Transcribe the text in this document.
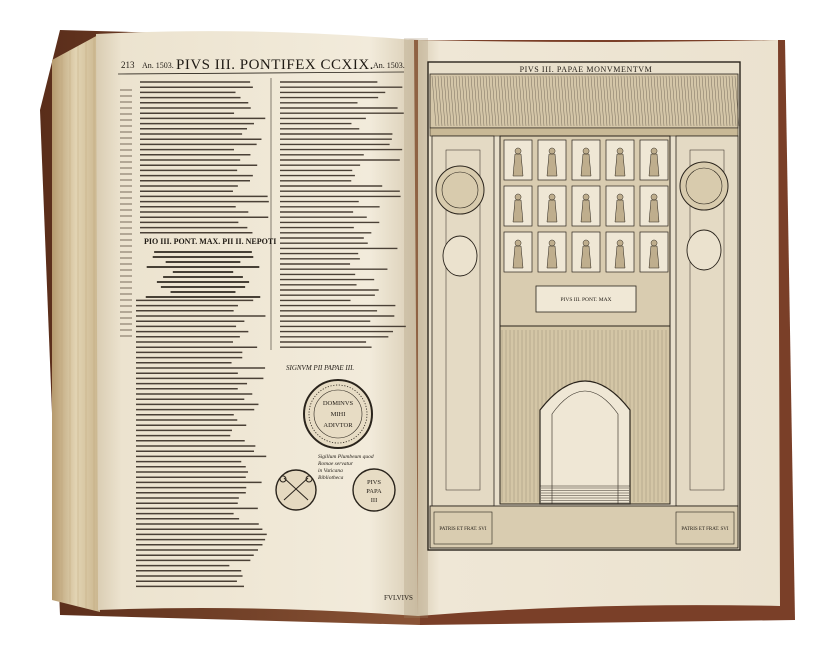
213 An. 1503. PIVS III. PONTIFEX CCXIX. An. 1503.
PIO III. PONT. MAX. PII II. NEPOTI
SIGNVM PII PAPAE III.
DOMINVS
MIHI
ADIVTOR
PIVS
PAPA
III
Sigillum Plumbeum quod
Romae servatur
in Vaticana
Bibliotheca
PIVS III. PAPAE MONVMENTVM
PIVS III. PONT. MAX
PATRIS ET FRAT. SVI	PATRIS ET FRAT. SVI
FVLVIVS
